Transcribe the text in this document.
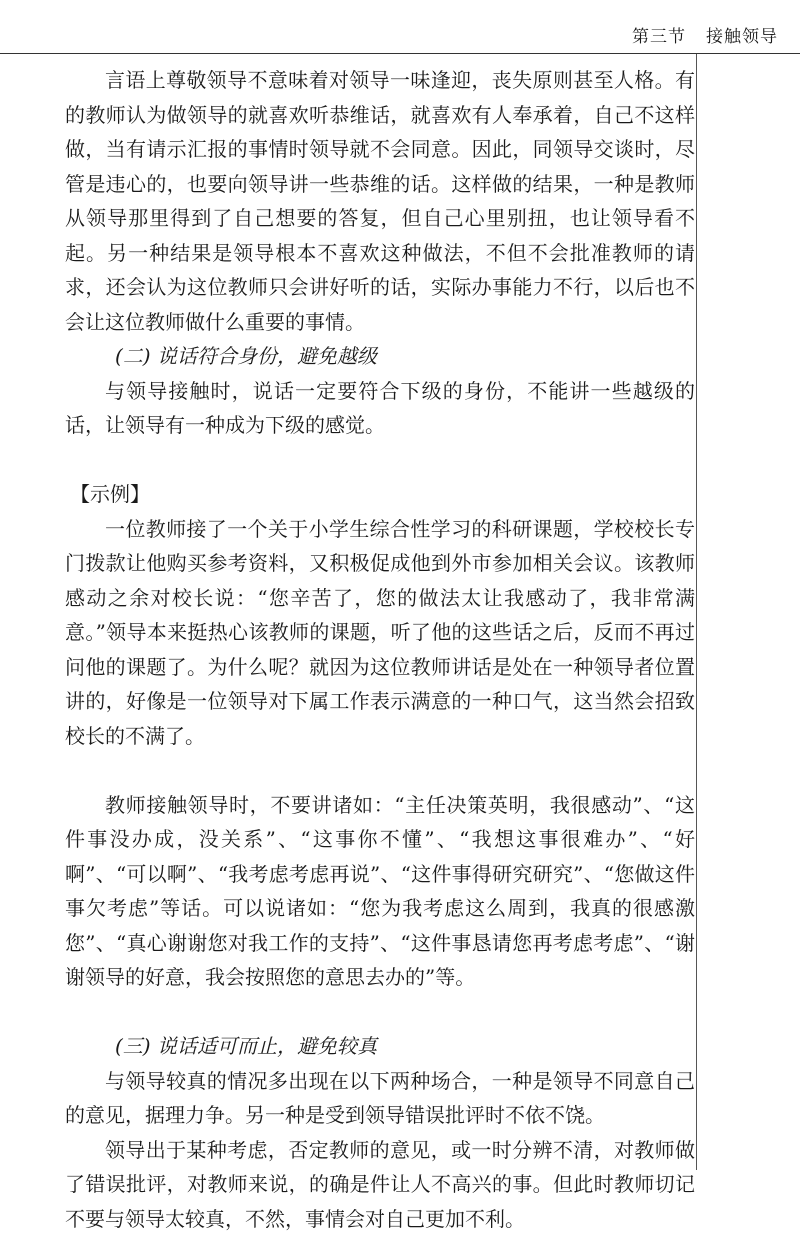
第三节 接触领导

言语上尊敬领导不意味着对领导一味逢迎，丧失原则甚至人格。有的教师认为做领导的就喜欢听恭维话，就喜欢有人奉承着，自己不这样做，当有请示汇报的事情时领导就不会同意。因此，同领导交谈时，尽管是违心的，也要向领导讲一些恭维的话。这样做的结果，一种是教师从领导那里得到了自己想要的答复，但自己心里别扭，也让领导看不起。另一种结果是领导根本不喜欢这种做法，不但不会批准教师的请求，还会认为这位教师只会讲好听的话，实际办事能力不行，以后也不会让这位教师做什么重要的事情。

(二) 说话符合身份，避免越级

与领导接触时，说话一定要符合下级的身份，不能讲一些越级的话，让领导有一种成为下级的感觉。

【示例】

一位教师接了一个关于小学生综合性学习的科研课题，学校校长专门拨款让他购买参考资料，又积极促成他到外市参加相关会议。该教师感动之余对校长说：“您辛苦了，您的做法太让我感动了，我非常满意。”领导本来挺热心该教师的课题，听了他的这些话之后，反而不再过问他的课题了。为什么呢？就因为这位教师讲话是处在一种领导者位置讲的，好像是一位领导对下属工作表示满意的一种口气，这当然会招致校长的不满了。

教师接触领导时，不要讲诸如：“主任决策英明，我很感动”、“这件事没办成，没关系”、“这事你不懂”、“我想这事很难办”、“好啊”、“可以啊”、“我考虑考虑再说”、“这件事得研究研究”、“您做这件事欠考虑”等话。可以说诸如：“您为我考虑这么周到，我真的很感激您”、“真心谢谢您对我工作的支持”、“这件事恳请您再考虑考虑”、“谢谢领导的好意，我会按照您的意思去办的”等。

(三) 说话适可而止，避免较真

与领导较真的情况多出现在以下两种场合，一种是领导不同意自己的意见，据理力争。另一种是受到领导错误批评时不依不饶。

领导出于某种考虑，否定教师的意见，或一时分辨不清，对教师做了错误批评，对教师来说，的确是件让人不高兴的事。但此时教师切记不要与领导太较真，不然，事情会对自己更加不利。
